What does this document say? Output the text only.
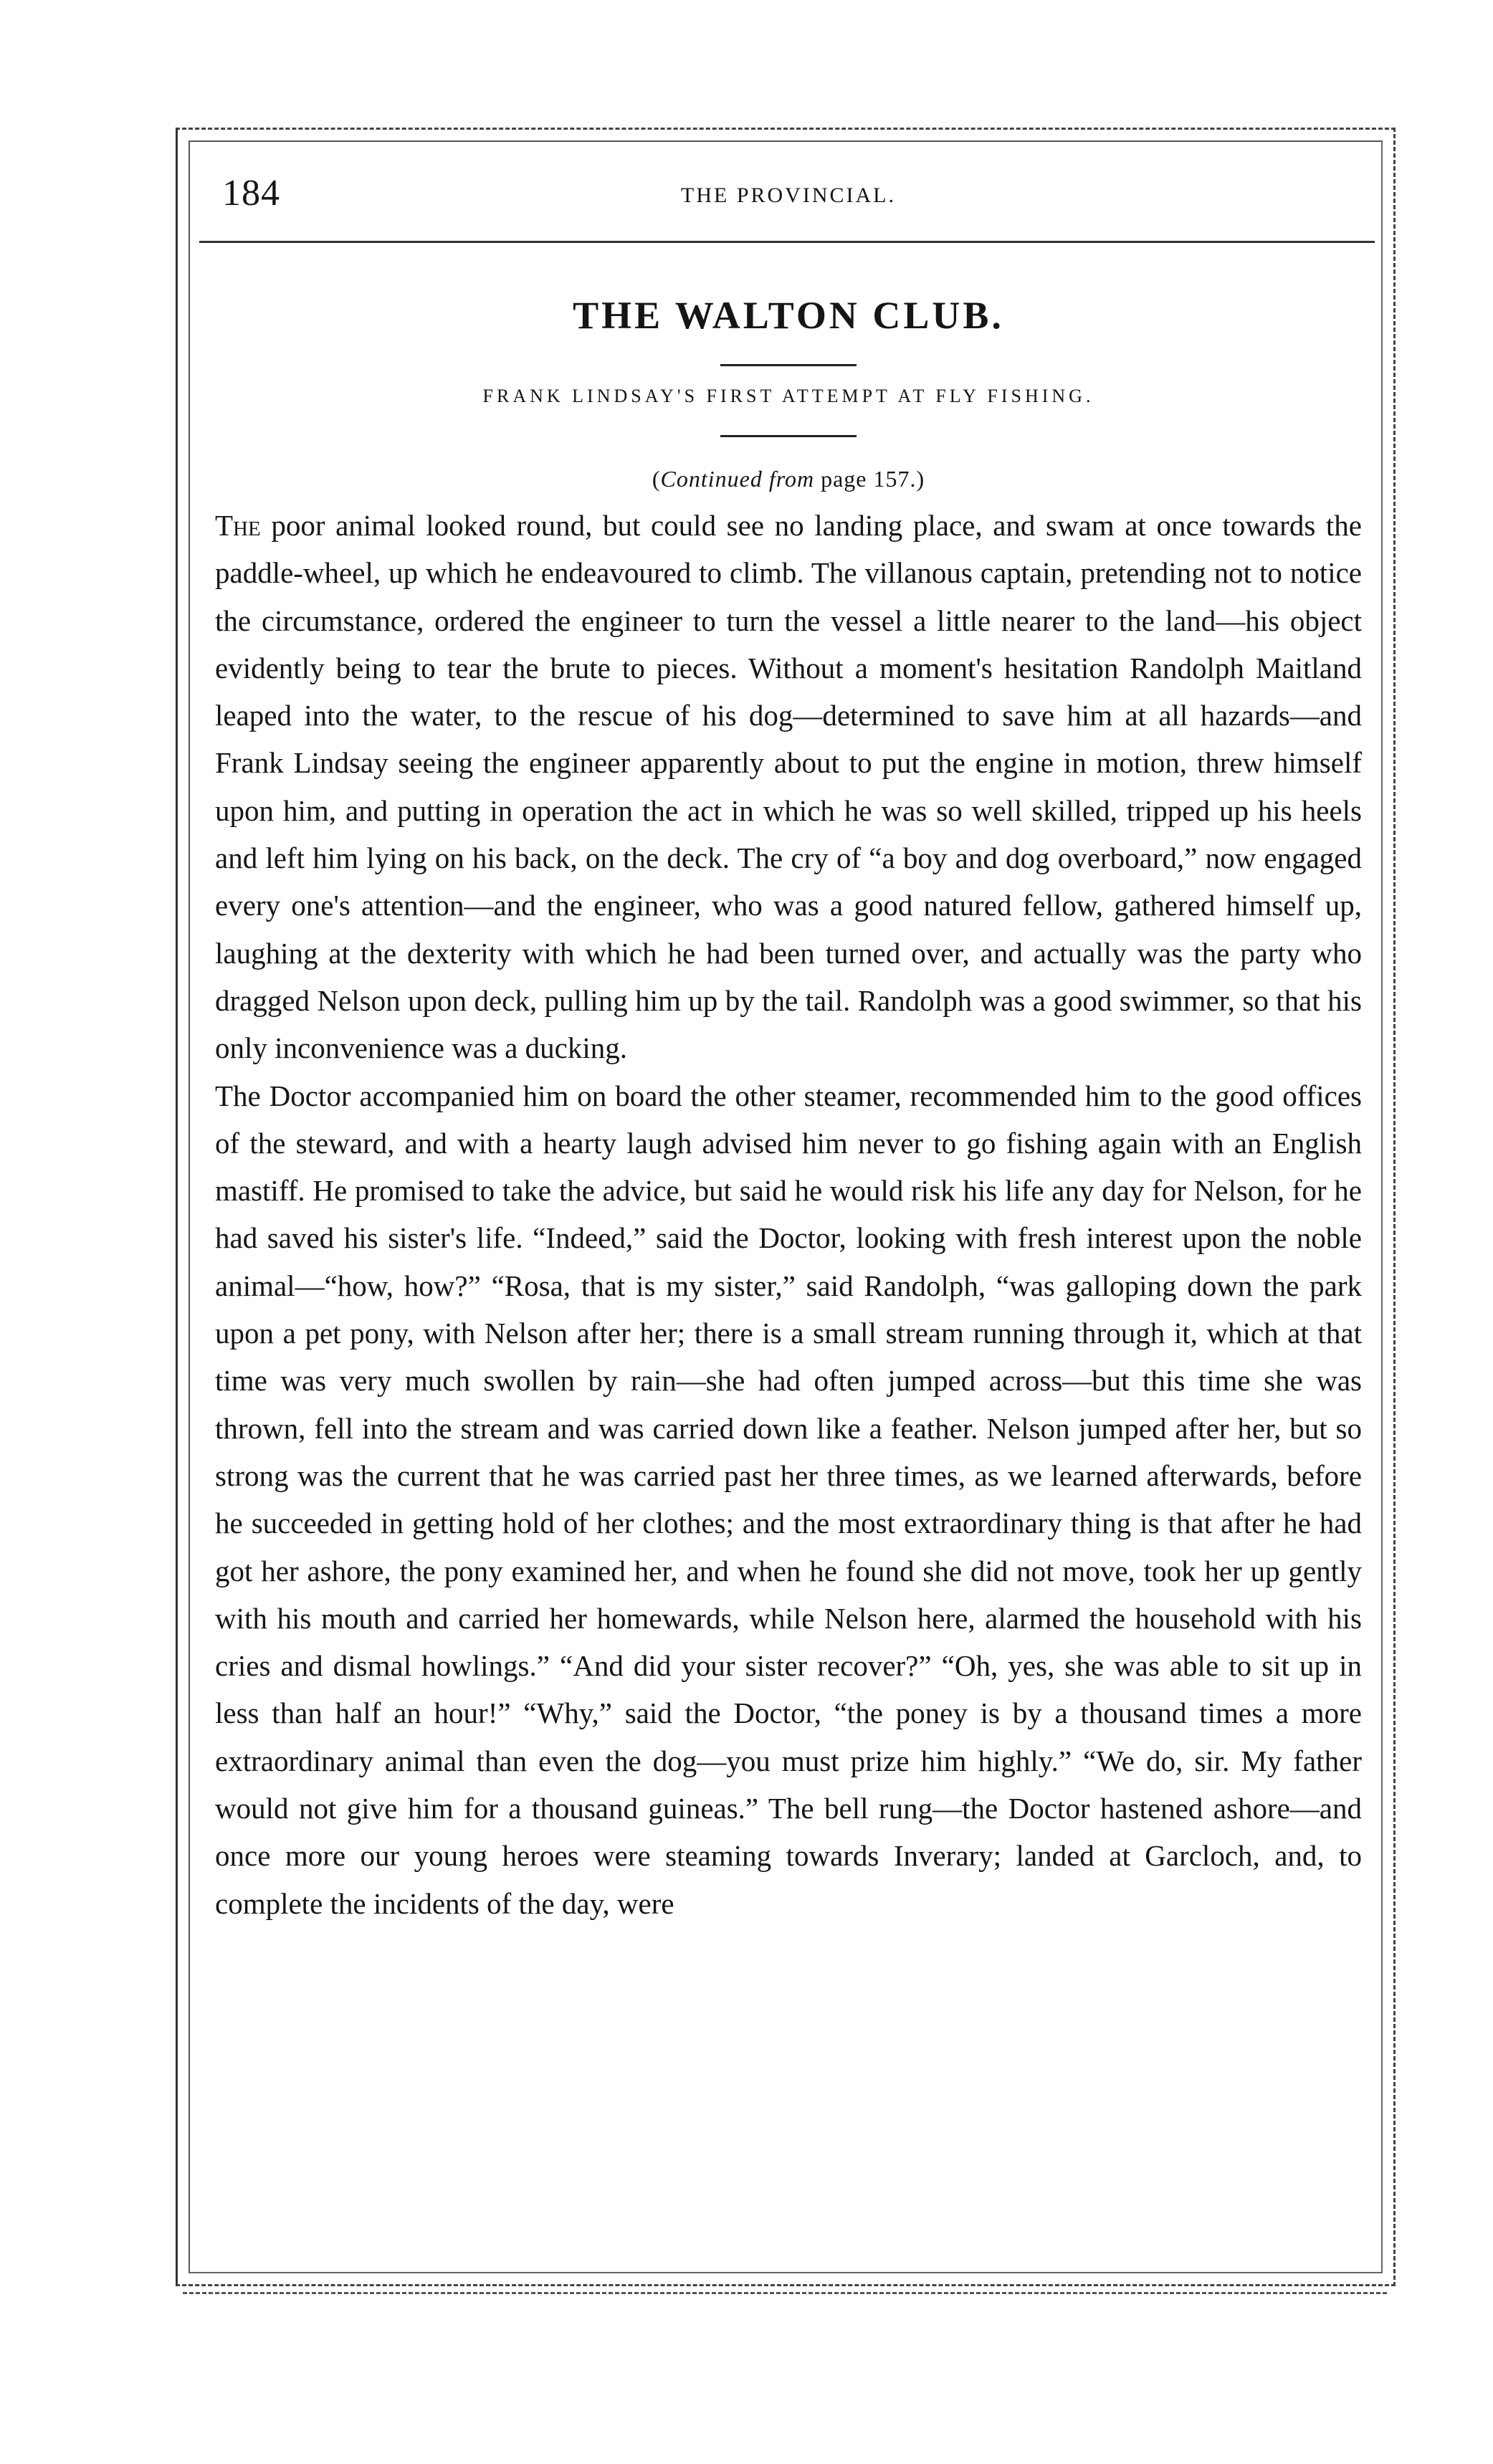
184	THE PROVINCIAL.
THE WALTON CLUB.
FRANK LINDSAY'S FIRST ATTEMPT AT FLY FISHING.
(Continued from page 157.)

The poor animal looked round, but could see no landing place, and swam at once towards the paddle-wheel, up which he endeavoured to climb. The villanous captain, pretending not to notice the circumstance, ordered the engineer to turn the vessel a little nearer to the land—his object evidently being to tear the brute to pieces. Without a moment's hesitation Randolph Maitland leaped into the water, to the rescue of his dog—determined to save him at all hazards—and Frank Lindsay seeing the engineer apparently about to put the engine in motion, threw himself upon him, and putting in operation the act in which he was so well skilled, tripped up his heels and left him lying on his back, on the deck. The cry of “a boy and dog overboard,” now engaged every one's attention—and the engineer, who was a good natured fellow, gathered himself up, laughing at the dexterity with which he had been turned over, and actually was the party who dragged Nelson upon deck, pulling him up by the tail. Randolph was a good swimmer, so that his only inconvenience was a ducking.

The Doctor accompanied him on board the other steamer, recommended him to the good offices of the steward, and with a hearty laugh advised him never to go fishing again with an English mastiff. He promised to take the advice, but said he would risk his life any day for Nelson, for he had saved his sister's life. “Indeed,” said the Doctor, looking with fresh interest upon the noble animal—“how, how?” “Rosa, that is my sister,” said Randolph, “was galloping down the park upon a pet pony, with Nelson after her; there is a small stream running through it, which at that time was very much swollen by rain—she had often jumped across—but this time she was thrown, fell into the stream and was carried down like a feather. Nelson jumped after her, but so strong was the current that he was carried past her three times, as we learned afterwards, before he succeeded in getting hold of her clothes; and the most extraordinary thing is that after he had got her ashore, the pony examined her, and when he found she did not move, took her up gently with his mouth and carried her homewards, while Nelson here, alarmed the household with his cries and dismal howlings.” “And did your sister recover?” “Oh, yes, she was able to sit up in less than half an hour!” “Why,” said the Doctor, “the poney is by a thousand times a more extraordinary animal than even the dog—you must prize him highly.” “We do, sir. My father would not give him for a thousand guineas.” The bell rung—the Doctor hastened ashore—and once more our young heroes were steaming towards Inverary; landed at Garcloch, and, to complete the incidents of the day, were
